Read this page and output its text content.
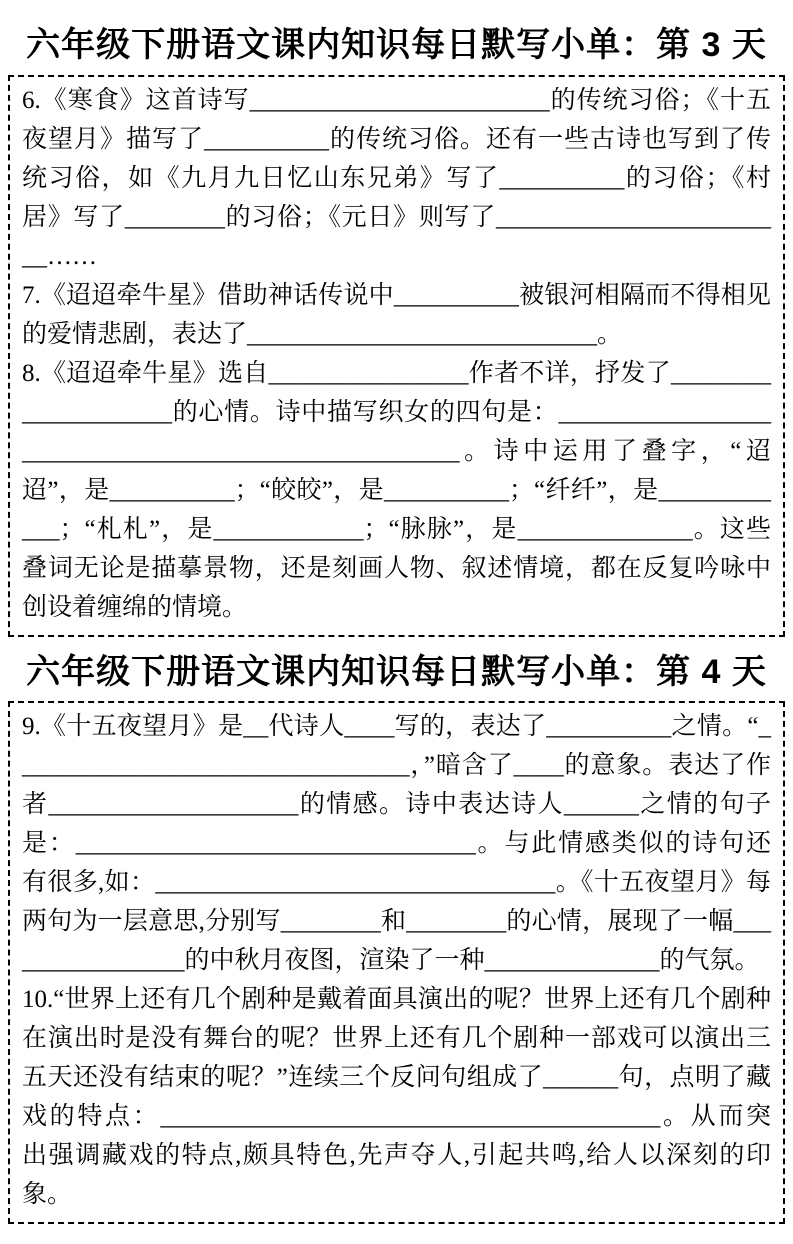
六年级下册语文课内知识每日默写小单：第 3 天

6.《寒食》这首诗写________________________的传统习俗；《十五夜望月》描写了__________的传统习俗。还有一些古诗也写到了传统习俗，如《九月九日忆山东兄弟》写了__________的习俗；《村居》写了________的习俗；《元日》则写了________________________……

7.《迢迢牵牛星》借助神话传说中__________被银河相隔而不得相见的爱情悲剧，表达了____________________________。

8.《迢迢牵牛星》选自________________作者不详，抒发了____________________的心情。诗中描写织女的四句是：____________________________________________________。诗中运用了叠字，“迢迢”，是__________；“皎皎”，是__________；“纤纤”，是____________；“札札”，是____________；“脉脉”，是______________。这些叠词无论是描摹景物，还是刻画人物、叙述情境，都在反复吟咏中创设着缠绵的情境。

六年级下册语文课内知识每日默写小单：第 4 天

9.《十五夜望月》是__代诗人____写的，表达了__________之情。“________________________________，”暗含了____的意象。表达了作者____________________的情感。诗中表达诗人______之情的句子是：________________________________。与此情感类似的诗句还有很多,如：________________________________。《十五夜望月》每两句为一层意思,分别写________和________的心情，展现了一幅________________的中秋月夜图，渲染了一种______________的气氛。

10.“世界上还有几个剧种是戴着面具演出的呢？世界上还有几个剧种在演出时是没有舞台的呢？世界上还有几个剧种一部戏可以演出三五天还没有结束的呢？”连续三个反问句组成了______句，点明了藏戏的特点：________________________________________。从而突出强调藏戏的特点,颇具特色,先声夺人,引起共鸣,给人以深刻的印象。
